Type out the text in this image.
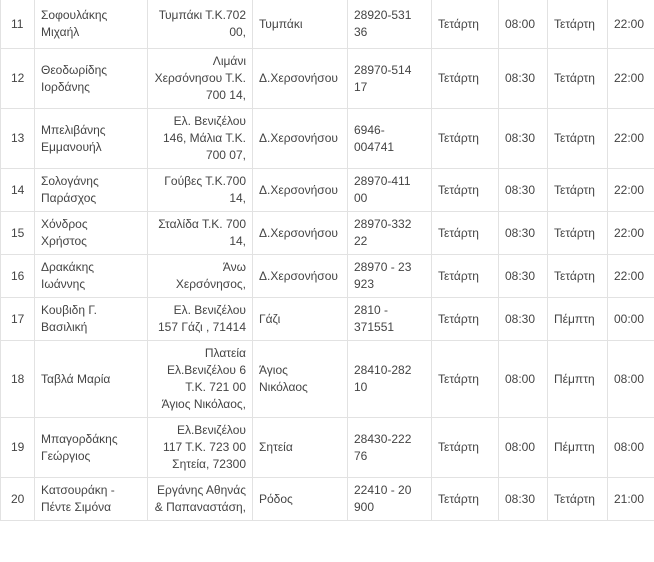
11	Σοφουλάκης
Μιχαήλ	Τυμπάκι Τ.Κ.702
00,	Τυμπάκι	28920-531
36	Τετάρτη	08:00	Τετάρτη	22:00
12	Θεοδωρίδης
Ιορδάνης	Λιμάνι
Χερσόνησου Τ.Κ.
700 14,	Δ.Χερσονήσου	28970-514
17	Τετάρτη	08:30	Τετάρτη	22:00
13	Μπελιβάνης
Εμμανουήλ	Ελ. Βενιζέλου
146, Μάλια Τ.Κ.
700 07,	Δ.Χερσονήσου	6946-
004741	Τετάρτη	08:30	Τετάρτη	22:00
14	Σολογάνης
Παράσχος	Γούβες Τ.Κ.700
14,	Δ.Χερσονήσου	28970-411
00	Τετάρτη	08:30	Τετάρτη	22:00
15	Χόνδρος
Χρήστος	Σταλίδα Τ.Κ. 700
14,	Δ.Χερσονήσου	28970-332
22	Τετάρτη	08:30	Τετάρτη	22:00
16	Δρακάκης
Ιωάννης	Άνω
Χερσόνησος,	Δ.Χερσονήσου	28970 - 23
923	Τετάρτη	08:30	Τετάρτη	22:00
17	Κουβιδη Γ.
Βασιλική	Ελ. Βενιζέλου
157 Γάζι , 71414	Γάζι	2810 -
371551	Τετάρτη	08:30	Πέμπτη	00:00
18	Ταβλά Μαρία	Πλατεία
Ελ.Βενιζέλου 6
Τ.Κ. 721 00
Άγιος Νικόλαος,	Άγιος
Νικόλαος	28410-282
10	Τετάρτη	08:00	Πέμπτη	08:00
19	Μπαγορδάκης
Γεώργιος	Ελ.Βενιζέλου
117 Τ.Κ. 723 00
Σητεία, 72300	Σητεία	28430-222
76	Τετάρτη	08:00	Πέμπτη	08:00
20	Κατσουράκη -
Πέντε Σιμόνα	Εργάνης Αθηνάς
& Παπαναστάση,	Ρόδος	22410 - 20
900	Τετάρτη	08:30	Τετάρτη	21:00
